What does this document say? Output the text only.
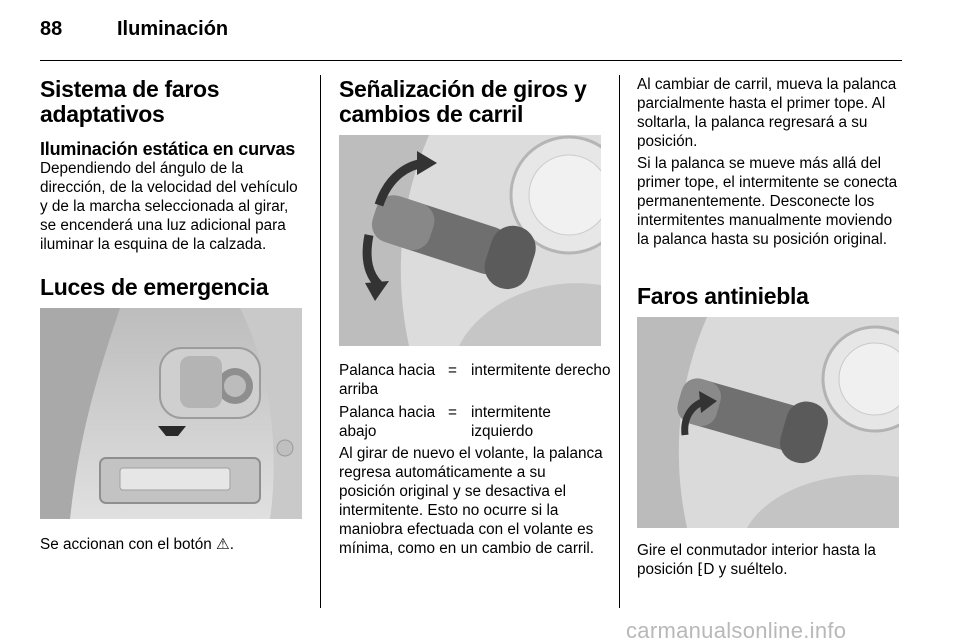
88	Iluminación
Sistema de faros adaptativos
Iluminación estática en curvas

Dependiendo del ángulo de la dirección, de la velocidad del vehículo y de la marcha seleccionada al girar, se encenderá una luz adicional para iluminar la esquina de la calzada.

Luces de emergencia
Se accionan con el botón ⚠.
Señalización de giros y cambios de carril
Palanca hacia arriba
= intermitente derecho
Palanca hacia abajo
= intermitente izquierdo

Al girar de nuevo el volante, la palanca regresa automáticamente a su posición original y se desactiva el intermitente. Esto no ocurre si la maniobra efectuada con el volante es mínima, como en un cambio de carril.

Al cambiar de carril, mueva la palanca parcialmente hasta el primer tope. Al soltarla, la palanca regresará a su posición.

Si la palanca se mueve más allá del primer tope, el intermitente se conecta permanentemente. Desconecte los intermitentes manualmente moviendo la palanca hasta su posición original.

Faros antiniebla
Gire el conmutador interior hasta la posición ⁅D y suéltelo.
carmanualsonline.info
